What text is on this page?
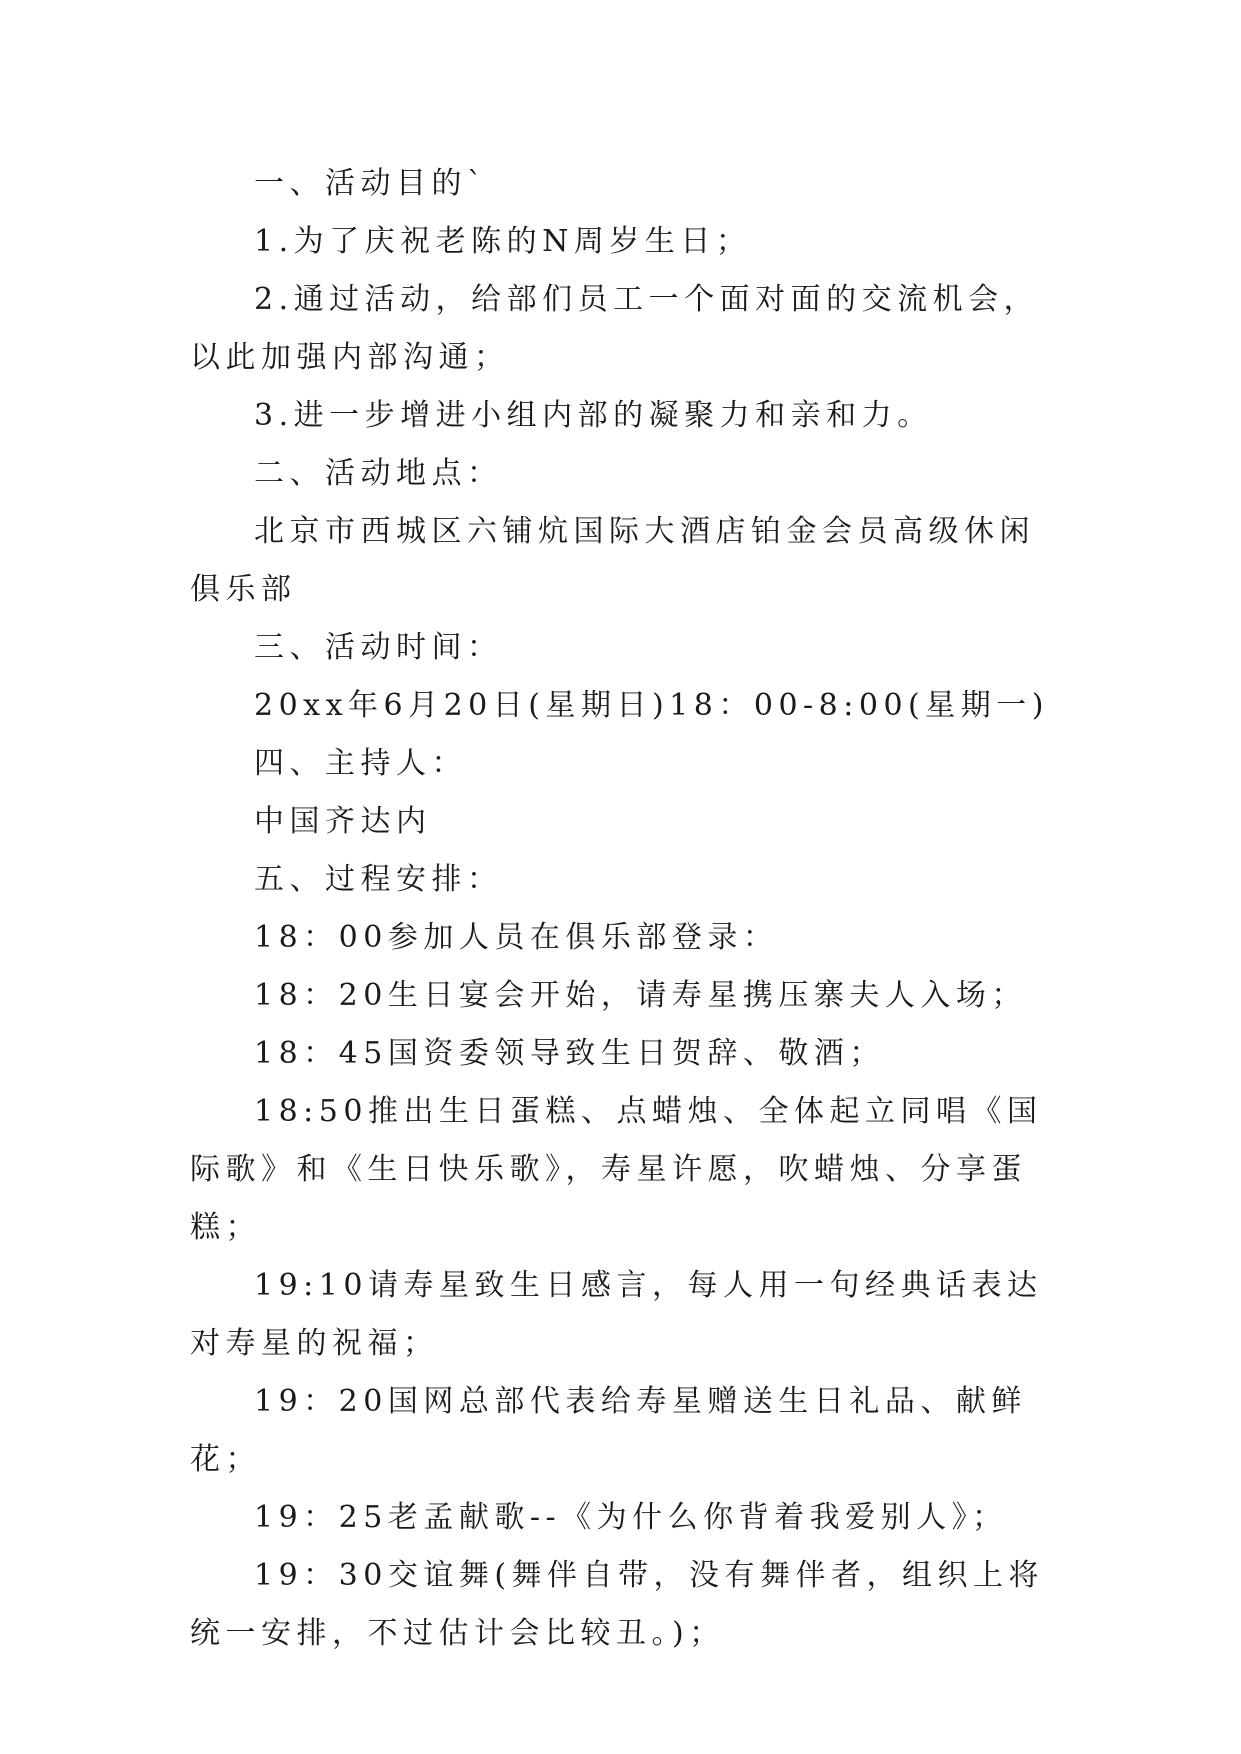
一、活动目的`

1.为了庆祝老陈的N周岁生日；

2.通过活动，给部们员工一个面对面的交流机会，以此加强内部沟通；

3.进一步增进小组内部的凝聚力和亲和力。

二、活动地点：

北京市西城区六铺炕国际大酒店铂金会员高级休闲俱乐部

三、活动时间：

20xx年6月20日(星期日)18：00-8:00(星期一)

四、主持人：

中国齐达内

五、过程安排：

18：00参加人员在俱乐部登录：

18：20生日宴会开始，请寿星携压寨夫人入场；

18：45国资委领导致生日贺辞、敬酒；

18:50推出生日蛋糕、点蜡烛、全体起立同唱《国际歌》和《生日快乐歌》，寿星许愿，吹蜡烛、分享蛋糕；

19:10请寿星致生日感言，每人用一句经典话表达对寿星的祝福；

19：20国网总部代表给寿星赠送生日礼品、献鲜花；

19：25老孟献歌--《为什么你背着我爱别人》；

19：30交谊舞(舞伴自带，没有舞伴者，组织上将统一安排，不过估计会比较丑。)；
